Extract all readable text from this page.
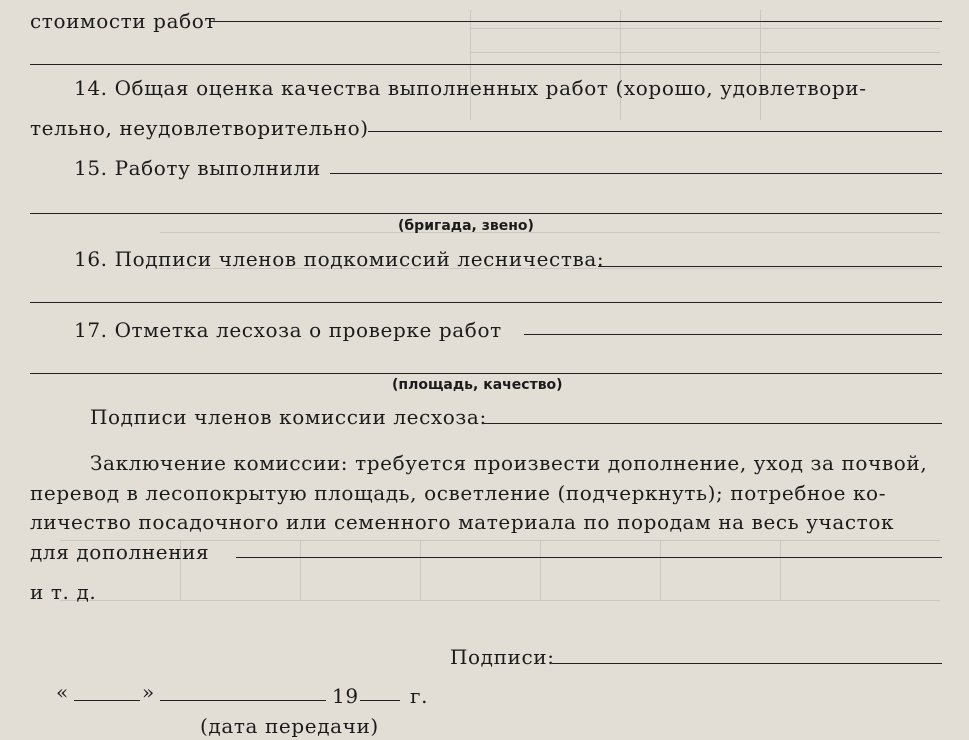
стоимости работ
14. Общая оценка качества выполненных работ (хорошо, удовлетвори-
тельно, неудовлетворительно)
15. Работу выполнили
(бригада, звено)
16. Подписи членов подкомиссий лесничества:
17. Отметка лесхоза о проверке работ
(площадь, качество)
Подписи членов комиссии лесхоза:
Заключение комиссии: требуется произвести дополнение, уход за почвой,
перевод в лесопокрытую площадь, осветление (подчеркнуть); потребное ко-
личество посадочного или семенного материала по породам на весь участок
для дополнения
и т. д.
Подписи:
«	»	19	г.
(дата передачи)
